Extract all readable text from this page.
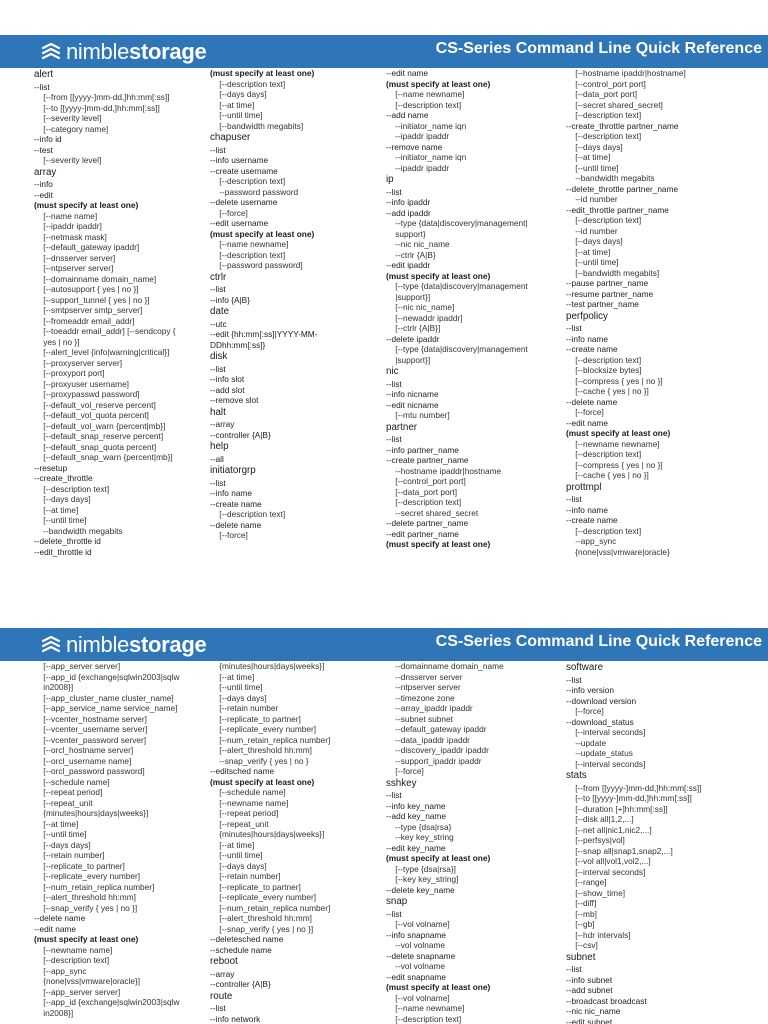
nimble storage	CS-Series Command Line Quick Reference
alert
--list
[--from [[yyyy-]mm-dd,]hh:mm[:ss]]
[--to [[yyyy-]mm-dd,]hh:mm[:ss]]
[--severity level]
[--category name]
--info id
--test
[--severity level]
array
--info
--edit
(must specify at least one)
[--name name]
[--ipaddr ipaddr]
[--netmask mask]
[--default_gateway ipaddr]
[--dnsserver server]
[--ntpserver server]
[--domainname domain_name]
[--autosupport { yes | no }]
[--support_tunnel { yes | no }]
[--smtpserver smtp_server]
[--fromeaddr email_addr]
[--toeaddr email_addr] [--sendcopy {
yes | no }]
[--alert_level {info|warning|critical}]
[--proxyserver server]
[--proxyport port]
[--proxyuser username]
[--proxypasswd password]
[--default_vol_reserve percent]
[--default_vol_quota percent]
[--default_vol_warn {percent|mb}]
[--default_snap_reserve percent]
[--default_snap_quota percent]
[--default_snap_warn {percent|mb}]
--resetup
--create_throttle
[--description text]
[--days days]
[--at time]
[--until time]
--bandwidth megabits
--delete_throttle id
--edit_throttle id
(must specify at least one)
[--description text]
[--days days]
[--at time]
[--until time]
[--bandwidth megabits]
chapuser
--list
--info username
--create username
[--description text]
--password password
--delete username
[--force]
--edit username
(must specify at least one)
[--name newname]
[--description text]
[--password password]
ctrlr
--list
--info {A|B}
date
--utc
--edit {hh:mm[:ss]|YYYY-MM-
DDhh:mm[:ss]}
disk
--list
--info slot
--add slot
--remove slot
halt
--array
--controller {A|B}
help
--all
initiatorgrp
--list
--info name
--create name
[--description text]
--delete name
[--force]
--edit name
(must specify at least one)
[--name newname]
[--description text]
--add name
--initiator_name iqn
--ipaddr ipaddr
--remove name
--initiator_name iqn
--ipaddr ipaddr
ip
--list
--info ipaddr
--add ipaddr
--type {data|discovery|management|
support}
--nic nic_name
--ctrlr {A|B}
--edit ipaddr
(must specify at least one)
[--type {data|discovery|management
|support}]
[--nic nic_name]
[--newaddr ipaddr]
[--ctrlr {A|B}]
--delete ipaddr
[--type {data|discovery|management
|support}]
nic
--list
--info nicname
--edit nicname
[--mtu number]
partner
--list
--info partner_name
--create partner_name
--hostname ipaddr|hostname
[--control_port port]
[--data_port port]
[--description text]
--secret shared_secret
--delete partner_name
--edit partner_name
(must specify at least one)
[--hostname ipaddr|hostname]
[--control_port port]
[--data_port port]
[--secret shared_secret]
[--description text]
--create_throttle partner_name
[--description text]
[--days days]
[--at time]
[--until time]
--bandwidth megabits
--delete_throttle partner_name
--id number
--edit_throttle partner_name
[--description text]
--id number
[--days days]
[--at time]
[--until time]
[--bandwidth megabits]
--pause partner_name
--resume partner_name
--test partner_name
perfpolicy
--list
--info name
--create name
[--description text]
[--blocksize bytes]
[--compress { yes | no }]
[--cache { yes | no }]
--delete name
[--force]
--edit name
(must specify at least one)
[--newname newname]
[--description text]
[--compress { yes | no }]
[--cache { yes | no }]
prottmpl
--list
--info name
--create name
[--description text]
--app_sync
{none|vss|vmware|oracle}
nimble storage	CS-Series Command Line Quick Reference
[--app_server server]
[--app_id {exchange|sqlwin2003|sqlw
in2008}]
[--app_cluster_name cluster_name]
[--app_service_name service_name]
[--vcenter_hostname server]
[--vcenter_username server]
[--vcenter_password server]
[--orcl_hostname server]
[--orcl_username name]
[--orcl_password password]
[--schedule name]
[--repeat period]
[--repeat_unit
{minutes|hours|days|weeks}]
[--at time]
[--until time]
[--days days]
[--retain number]
[--replicate_to partner]
[--replicate_every number]
[--num_retain_replica number]
[--alert_threshold hh:mm]
[--snap_verify { yes | no }]
--delete name
--edit name
(must specify at least one)
[--newname name]
[--description text]
[--app_sync
{none|vss|vmware|oracle}]
[--app_server server]
[--app_id {exchange|sqlwin2003|sqlw
in2008}]
{minutes|hours|days|weeks}]
[--at time]
[--until time]
[--days days]
[--retain number
[--replicate_to partner]
[--replicate_every number]
[--num_retain_replica number]
[--alert_threshold hh:mm]
--snap_verify { yes | no }
--editsched name
(must specify at least one)
[--schedule name]
[--newname name]
[--repeat period]
[--repeat_unit
{minutes|hours|days|weeks}]
[--at time]
[--until time]
[--days days]
[--retain number]
[--replicate_to partner]
[--replicate_every number]
[--num_retain_replica number]
[--alert_threshold hh:mm]
[--snap_verify { yes | no }]
--deletesched name
--schedule name
reboot
--array
--controller {A|B}
route
--list
--info network
--domainname domain_name
--dnsserver server
--ntpserver server
--timezone zone
--array_ipaddr ipaddr
--subnet subnet
--default_gateway ipaddr
--data_ipaddr ipaddr
--discovery_ipaddr ipaddr
--support_ipaddr ipaddr
[--force]
sshkey
--list
--info key_name
--add key_name
--type {dsa|rsa}
--key key_string
--edit key_name
(must specify at least one)
[--type {dsa|rsa}]
[--key key_string]
--delete key_name
snap
--list
[--vol volname]
--info snapname
--vol volname
--delete snapname
--vol volname
--edit snapname
(must specify at least one)
[--vol volname]
[--name newname]
[--description text]
software
--list
--info version
--download version
[--force]
--download_status
[--interval seconds]
--update
--update_status
[--interval seconds]
stats
[--from [[yyyy-]mm-dd,]hh:mm[:ss]]
[--to [[yyyy-]mm-dd,]hh:mm[:ss]]
[--duration [+]hh:mm[:ss]]
[--disk all|1,2,...]
[--net all|nic1,nic2,...]
[--perfsys|vol]
[--snap all|snap1,snap2,...]
[--vol all|vol1,vol2,...]
[--interval seconds]
[--range]
[--show_time]
[--diff]
[--mb]
[--gb]
[--hdr intervals]
[--csv]
subnet
--list
--info subnet
--add subnet
--broadcast broadcast
--nic nic_name
--edit subnet
